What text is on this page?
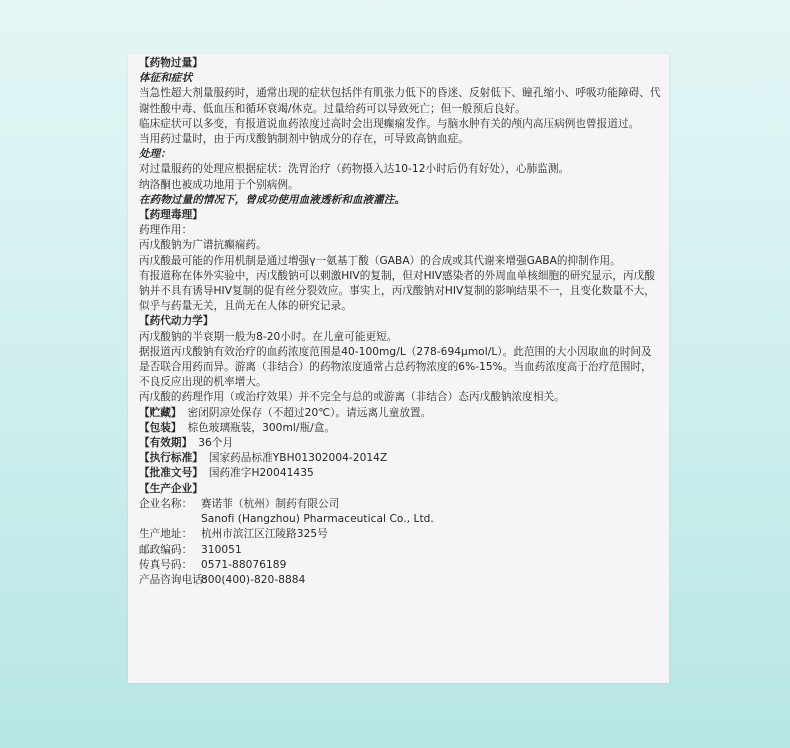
【药物过量】

体征和症状

当急性超大剂量服药时，通常出现的症状包括伴有肌张力低下的昏迷、反射低下、瞳孔缩小、呼吸功能障碍、代谢性酸中毒、低血压和循环衰竭/休克。过量给药可以导致死亡；但一般预后良好。

临床症状可以多变，有报道说血药浓度过高时会出现癫痫发作。与脑水肿有关的颅内高压病例也曾报道过。

当用药过量时，由于丙戊酸钠制剂中钠成分的存在，可导致高钠血症。

处理：

对过量服药的处理应根据症状：洗胃治疗（药物摄入达10-12小时后仍有好处），心肺监测。

纳洛酮也被成功地用于个别病例。

在药物过量的情况下，曾成功使用血液透析和血液灌注。

【药理毒理】

药理作用：

丙戊酸钠为广谱抗癫痫药。

丙戊酸最可能的作用机制是通过增强γ一氨基丁酸（GABA）的合成或其代谢来增强GABA的抑制作用。

有报道称在体外实验中，丙戊酸钠可以刺激HIV的复制，但对HIV感染者的外周血单核细胞的研究显示，丙戊酸钠并不具有诱导HIV复制的促有丝分裂效应。事实上，丙戊酸钠对HIV复制的影响结果不一，且变化数量不大，似乎与药量无关，且尚无在人体的研究记录。

【药代动力学】

丙戊酸钠的半衰期一般为8-20小时。在儿童可能更短。

据报道丙戊酸钠有效治疗的血药浓度范围是40-100mg/L（278-694μmol/L）。此范围的大小因取血的时间及是否联合用药而异。游离（非结合）的药物浓度通常占总药物浓度的6%-15%。当血药浓度高于治疗范围时，不良反应出现的机率增大。

丙戊酸的药理作用（或治疗效果）并不完全与总的或游离（非结合）态丙戊酸钠浓度相关。

【贮藏】 密闭阴凉处保存（不超过20℃）。请远离儿童放置。
【包装】 棕色玻璃瓶装，300ml/瓶/盒。
【有效期】 36个月
【执行标准】 国家药品标准YBH01302004-2014Z
【批准文号】 国药准字H20041435

【生产企业】

企业名称： 赛诺菲（杭州）制药有限公司

Sanofi (Hangzhou) Pharmaceutical Co., Ltd.

生产地址： 杭州市滨江区江陵路325号
邮政编码： 310051
传真号码： 0571-88076189
产品咨询电话：
800(400)-820-8884
